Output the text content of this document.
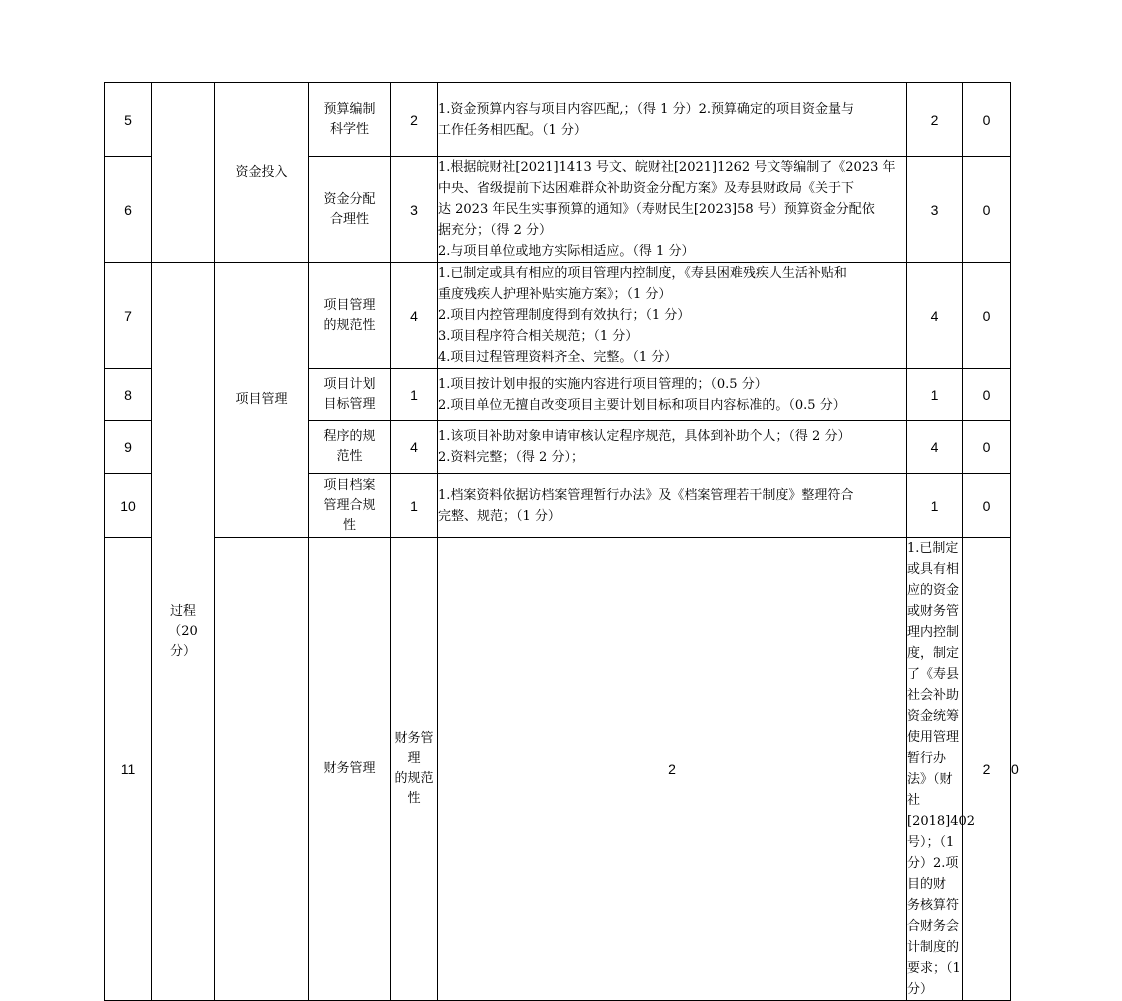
5		资金投入	预算编制
科学性	2	1.资金预算内容与项目内容匹配,；（得 1 分）2.预算确定的项目资金量与
工作任务相匹配。（1 分）	2	0	
6			资金分配
合理性	3	1.根据皖财社[2021]1413 号文、皖财社[2021]1262 号文等编制了《2023 年
中央、省级提前下达困难群众补助资金分配方案》及寿县财政局《关于下
达 2023 年民生实事预算的通知》（寿财民生[2023]58 号）预算资金分配依
据充分；（得 2 分）
2.与项目单位或地方实际相适应。（得 1 分）	3	0	
7	过程
（20
分）	项目管理	项目管理
的规范性	4	1.已制定或具有相应的项目管理内控制度，《寿县困难残疾人生活补贴和
重度残疾人护理补贴实施方案》；（1 分）
2.项目内控管理制度得到有效执行；（1 分）
3.项目程序符合相关规范；（1 分）
4.项目过程管理资料齐全、完整。（1 分）	4	0	
8			项目计划
目标管理	1	1.项目按计划申报的实施内容进行项目管理的；（0.5 分）
2.项目单位无擅自改变项目主要计划目标和项目内容标准的。（0.5 分）	1	0	
9			程序的规
范性	4	1.该项目补助对象申请审核认定程序规范，具体到补助个人；（得 2 分）
2.资料完整；（得 2 分）；	4	0	
10			项目档案
管理合规
性	1	1.档案资料依据访档案管理暂行办法》及《档案管理若干制度》整理符合
完整、规范；（1 分）	1	0	
11			财务管理	财务管理
的规范性	2	1.已制定或具有相应的资金或财务管理内控制度，制定了《寿县社会补助
资金统筹使用管理暂行办法》（财社[2018]402 号）；（1 分）2.项目的财
务核算符合财务会计制度的要求；（1 分）	2	0
